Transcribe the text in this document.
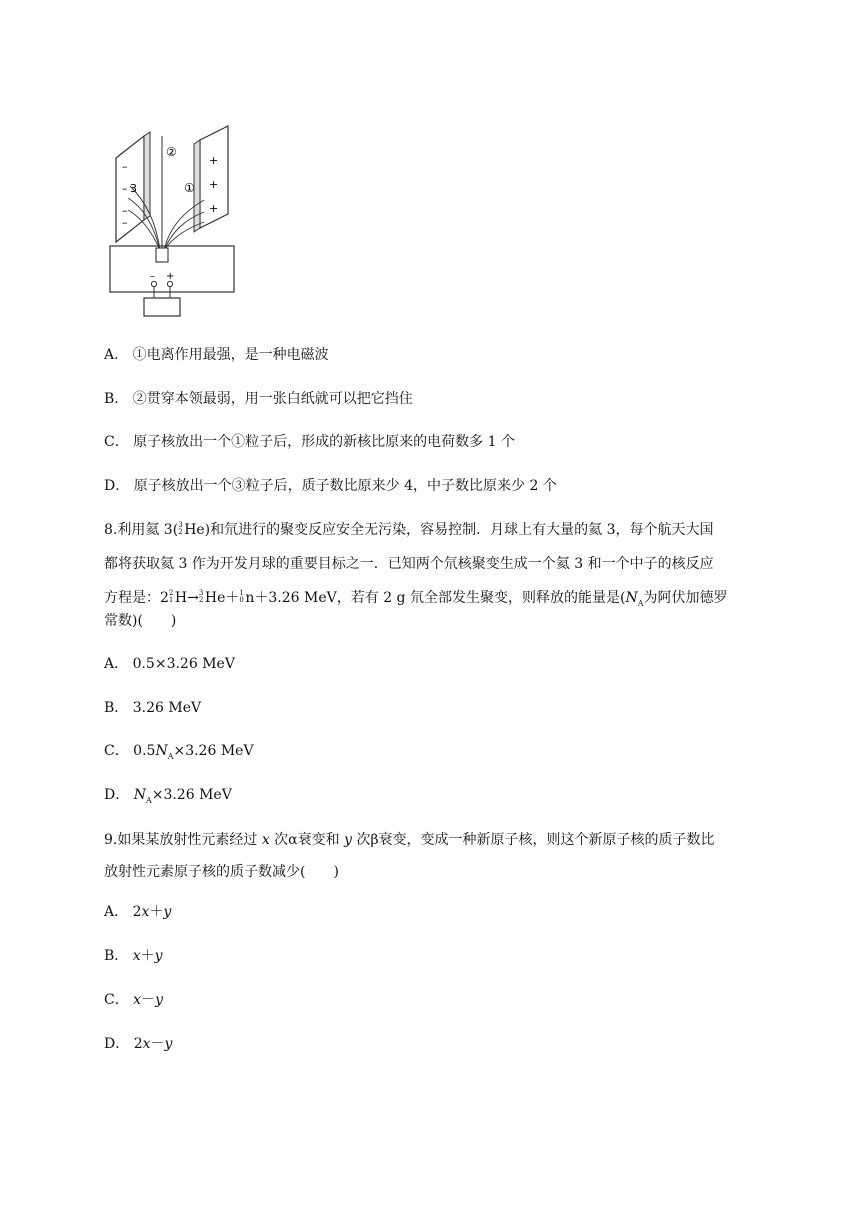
–
–
–
–
3
②
①
+
+
+
– +
A． ①电离作用最强，是一种电磁波
B． ②贯穿本领最弱，用一张白纸就可以把它挡住
C． 原子核放出一个①粒子后，形成的新核比原来的电荷数多 1 个
D． 原子核放出一个③粒子后，质子数比原来少 4，中子数比原来少 2 个
8.利用氦 3( 3
2 He)和氘进行的聚变反应安全无污染，容易控制．月球上有大量的氦 3，每个航天大国
都将获取氦 3 作为开发月球的重要目标之一．已知两个氘核聚变生成一个氦 3 和一个中子的核反应
方程是：2 2
1 H→ 3
2 He＋ 1
0 n＋3.26 MeV，若有 2 g 氘全部发生聚变，则释放的能量是($N_A$为阿伏加德罗
常数)(　　)
A． 0.5×3.26 MeV
B． 3.26 MeV
C． $0.5N_A\times 3.26$ MeV
D． $N_A\times 3.26$ MeV
9.如果某放射性元素经过 x 次α衰变和 y 次β衰变，变成一种新原子核，则这个新原子核的质子数比
放射性元素原子核的质子数减少(　　)
A． 2x＋y
B． x＋y
C． x－y
D． 2x－y
